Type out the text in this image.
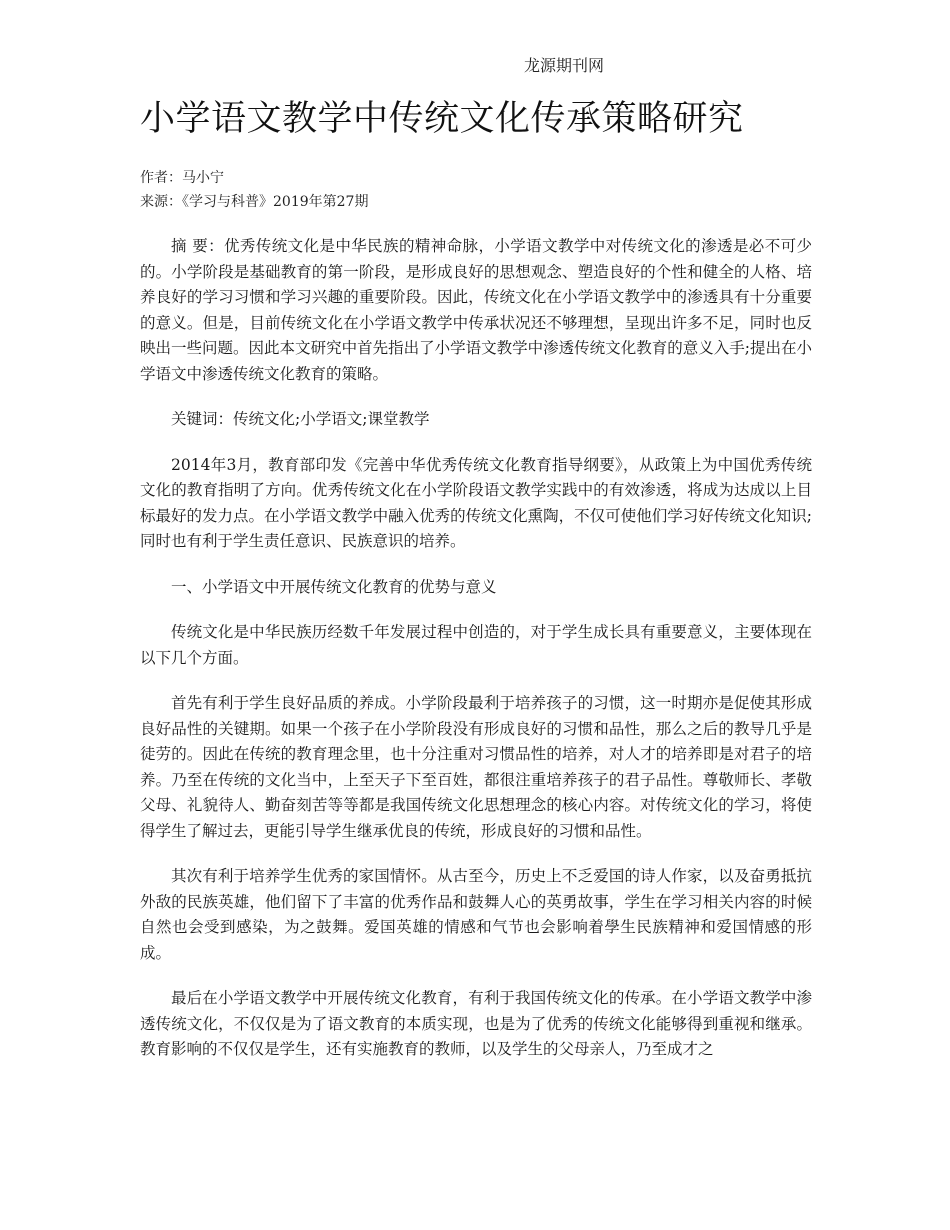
龙源期刊网
小学语文教学中传统文化传承策略研究
作者：马小宁
来源：《学习与科普》2019年第27期

摘 要：优秀传统文化是中华民族的精神命脉，小学语文教学中对传统文化的渗透是必不可少的。小学阶段是基础教育的第一阶段，是形成良好的思想观念、塑造良好的个性和健全的人格、培养良好的学习习惯和学习兴趣的重要阶段。因此，传统文化在小学语文教学中的渗透具有十分重要的意义。但是，目前传统文化在小学语文教学中传承状况还不够理想，呈现出许多不足，同时也反映出一些问题。因此本文研究中首先指出了小学语文教学中渗透传统文化教育的意义入手;提出在小学语文中渗透传统文化教育的策略。

关键词：传统文化;小学语文;课堂教学

2014年3月，教育部印发《完善中华优秀传统文化教育指导纲要》，从政策上为中国优秀传统文化的教育指明了方向。优秀传统文化在小学阶段语文教学实践中的有效渗透，将成为达成以上目标最好的发力点。在小学语文教学中融入优秀的传统文化熏陶，不仅可使他们学习好传统文化知识;同时也有利于学生责任意识、民族意识的培养。

一、小学语文中开展传统文化教育的优势与意义

传统文化是中华民族历经数千年发展过程中创造的，对于学生成长具有重要意义，主要体现在以下几个方面。

首先有利于学生良好品质的养成。小学阶段最利于培养孩子的习惯，这一时期亦是促使其形成良好品性的关键期。如果一个孩子在小学阶段没有形成良好的习惯和品性，那么之后的教导几乎是徒劳的。因此在传统的教育理念里，也十分注重对习惯品性的培养，对人才的培养即是对君子的培养。乃至在传统的文化当中，上至天子下至百姓，都很注重培养孩子的君子品性。尊敬师长、孝敬父母、礼貌待人、勤奋刻苦等等都是我国传统文化思想理念的核心内容。对传统文化的学习，将使得学生了解过去，更能引导学生继承优良的传统，形成良好的习惯和品性。

其次有利于培养学生优秀的家国情怀。从古至今，历史上不乏爱国的诗人作家，以及奋勇抵抗外敌的民族英雄，他们留下了丰富的优秀作品和鼓舞人心的英勇故事，学生在学习相关内容的时候自然也会受到感染，为之鼓舞。爱国英雄的情感和气节也会影响着學生民族精神和爱国情感的形成。

最后在小学语文教学中开展传统文化教育，有利于我国传统文化的传承。在小学语文教学中渗透传统文化，不仅仅是为了语文教育的本质实现，也是为了优秀的传统文化能够得到重视和继承。教育影响的不仅仅是学生，还有实施教育的教师，以及学生的父母亲人，乃至成才之
